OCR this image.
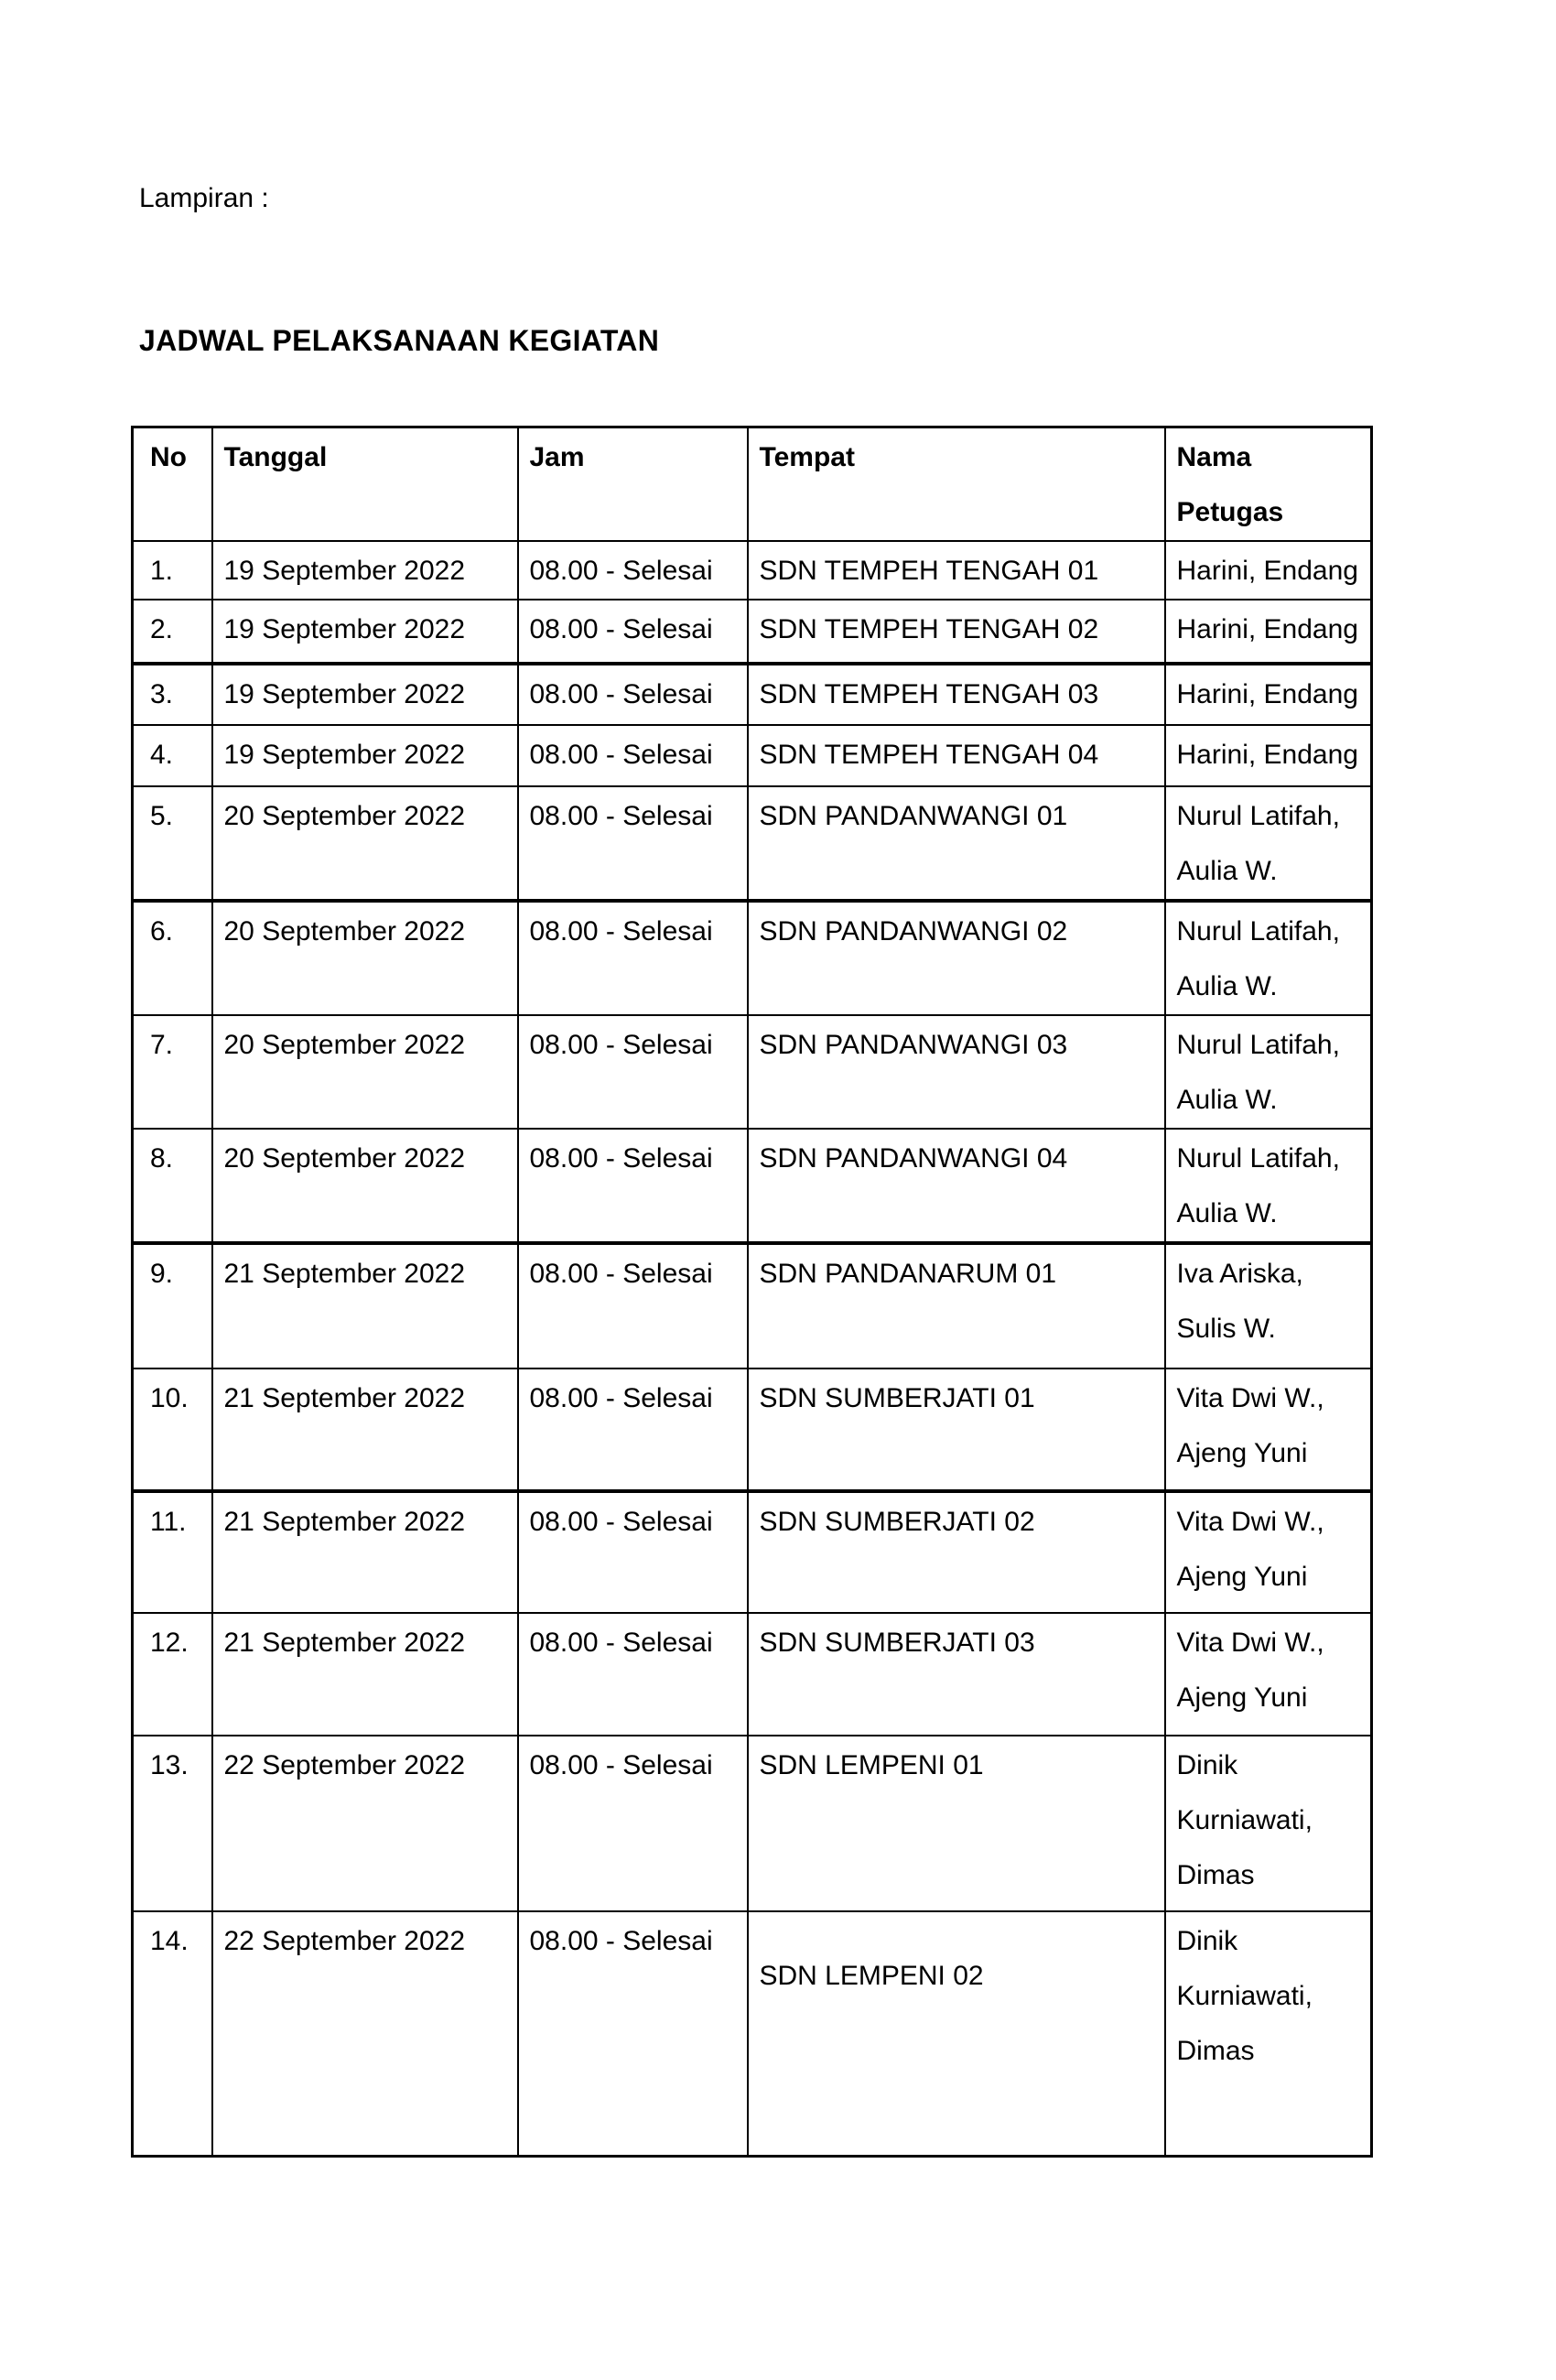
Lampiran :
JADWAL PELAKSANAAN KEGIATAN
No	Tanggal	Jam	Tempat	Nama
Petugas

1.	19 September 2022	08.00 - Selesai	SDN TEMPEH TENGAH 01	Harini, Endang

2.	19 September 2022	08.00 - Selesai	SDN TEMPEH TENGAH 02	Harini, Endang

3.	19 September 2022	08.00 - Selesai	SDN TEMPEH TENGAH 03	Harini, Endang

4.	19 September 2022	08.00 - Selesai	SDN TEMPEH TENGAH 04	Harini, Endang

5.	20 September 2022	08.00 - Selesai	SDN PANDANWANGI 01	Nurul Latifah,
Aulia W.

6.	20 September 2022	08.00 - Selesai	SDN PANDANWANGI 02	Nurul Latifah,
Aulia W.

7.	20 September 2022	08.00 - Selesai	SDN PANDANWANGI 03	Nurul Latifah,
Aulia W.

8.	20 September 2022	08.00 - Selesai	SDN PANDANWANGI 04	Nurul Latifah,
Aulia W.

9.	21 September 2022	08.00 - Selesai	SDN PANDANARUM 01	Iva Ariska,
Sulis W.

10.	21 September 2022	08.00 - Selesai	SDN SUMBERJATI 01	Vita Dwi W.,
Ajeng Yuni

11.	21 September 2022	08.00 - Selesai	SDN SUMBERJATI 02	Vita Dwi W.,
Ajeng Yuni

12.	21 September 2022	08.00 - Selesai	SDN SUMBERJATI 03	Vita Dwi W.,
Ajeng Yuni

13.	22 September 2022	08.00 - Selesai	SDN LEMPENI 01	Dinik
Kurniawati,
Dimas

14.	22 September 2022	08.00 - Selesai	SDN LEMPENI 02	Dinik
Kurniawati,
Dimas
